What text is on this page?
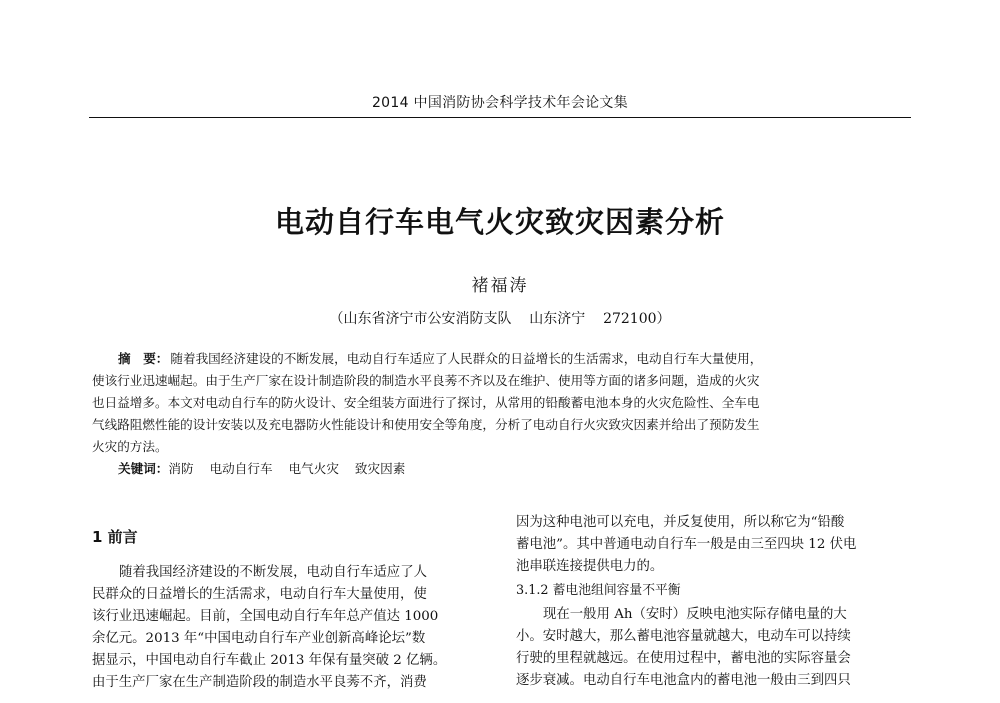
2014 中国消防协会科学技术年会论文集
电动自行车电气火灾致灾因素分析
褚福涛
（山东省济宁市公安消防支队    山东济宁    272100）
摘　要： 随着我国经济建设的不断发展，电动自行车适应了人民群众的日益增长的生活需求，电动自行车大量使用，
使该行业迅速崛起。由于生产厂家在设计制造阶段的制造水平良莠不齐以及在维护、使用等方面的诸多问题，造成的火灾
也日益增多。本文对电动自行车的防火设计、安全组装方面进行了探讨，从常用的铅酸蓄电池本身的火灾危险性、全车电
气线路阻燃性能的设计安装以及充电器防火性能设计和使用安全等角度，分析了电动自行火灾致灾因素并给出了预防发生
火灾的方法。
关键词：消防 电动自行车 电气火灾 致灾因素
1 前言
随着我国经济建设的不断发展，电动自行车适应了人
民群众的日益增长的生活需求，电动自行车大量使用，使
该行业迅速崛起。目前，全国电动自行车年总产值达 1000
余亿元。2013 年“中国电动自行车产业创新高峰论坛”数
据显示，中国电动自行车截止 2013 年保有量突破 2 亿辆。
由于生产厂家在生产制造阶段的制造水平良莠不齐，消费
因为这种电池可以充电，并反复使用，所以称它为“铅酸
蓄电池”。其中普通电动自行车一般是由三至四块 12 伏电
池串联连接提供电力的。
3.1.2 蓄电池组间容量不平衡
现在一般用 Ah（安时）反映电池实际存储电量的大
小。安时越大，那么蓄电池容量就越大，电动车可以持续
行驶的里程就越远。在使用过程中，蓄电池的实际容量会
逐步衰减。电动自行车电池盒内的蓄电池一般由三到四只
